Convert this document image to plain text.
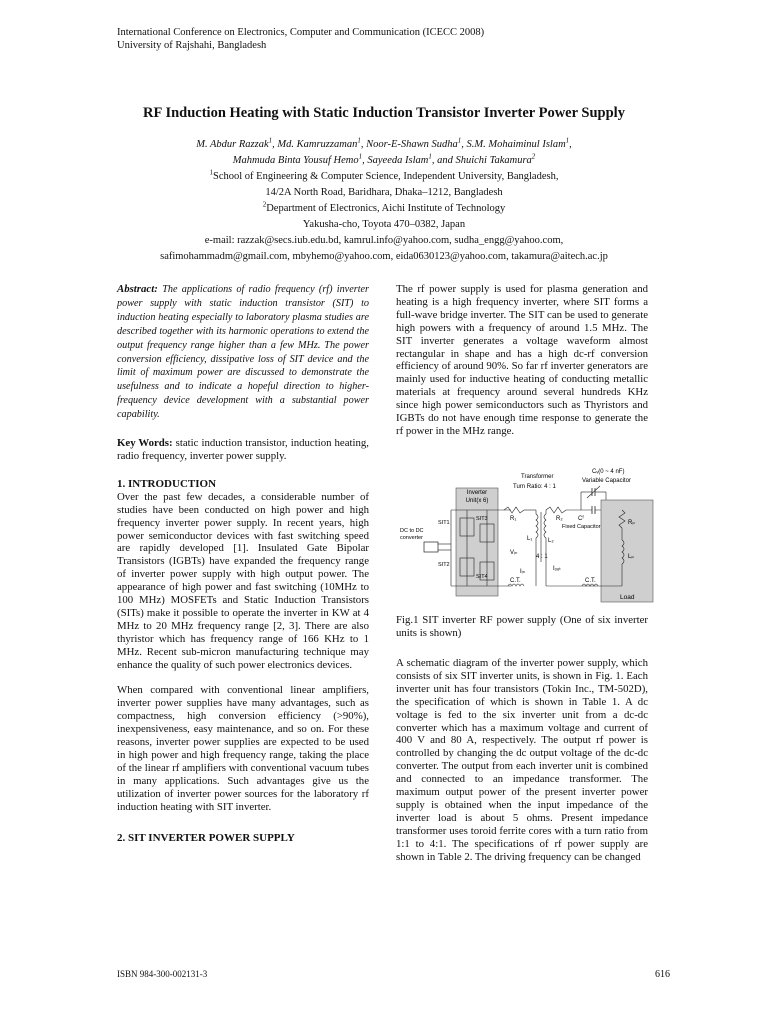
International Conference on Electronics, Computer and Communication (ICECC 2008)
University of Rajshahi, Bangladesh
RF Induction Heating with Static Induction Transistor Inverter Power Supply
M. Abdur Razzak$^1$, Md. Kamruzzaman$^1$, Noor-E-Shawn Sudha$^1$, S.M. Mohaiminul Islam$^1$,
Mahmuda Binta Yousuf Hemo$^1$, Sayeeda Islam$^1$, and Shuichi Takamura$^2$
$^1$School of Engineering & Computer Science, Independent University, Bangladesh,
14/2A North Road, Baridhara, Dhaka–1212, Bangladesh
$^2$Department of Electronics, Aichi Institute of Technology
Yakusha-cho, Toyota 470–0382, Japan
e-mail: razzak@secs.iub.edu.bd, kamrul.info@yahoo.com, sudha_engg@yahoo.com,
safimohammadm@gmail.com, mbyhemo@yahoo.com, eida0630123@yahoo.com, takamura@aitech.ac.jp
Abstract: The applications of radio frequency (rf) inverter power supply with static induction transistor (SIT) to induction heating especially to laboratory plasma studies are described together with its harmonic operations to extend the output frequency range higher than a few MHz. The power conversion efficiency, dissipative loss of SIT device and the limit of maximum power are discussed to demonstrate the usefulness and to indicate a hopeful direction to higher-frequency device development with a substantial power capability.
Key Words: static induction transistor, induction heating, radio frequency, inverter power supply.
1. INTRODUCTION
Over the past few decades, a considerable number of studies have been conducted on high power and high frequency inverter power supply. In recent years, high power semiconductor devices with fast switching speed are rapidly developed [1]. Insulated Gate Bipolar Transistors (IGBTs) have expanded the frequency range of inverter power supply with high output power. The appearance of high power and fast switching (10MHz to 100 MHz) MOSFETs and Static Induction Transistors (SITs) make it possible to operate the inverter in KW at 4 MHz to 20 MHz frequency range [2, 3]. There are also thyristor which has frequency range of 166 KHz to 1 MHz. Recent sub-micron manufacturing technique may enhance the quality of such power electronics devices.
When compared with conventional linear amplifiers, inverter power supplies have many advantages, such as compactness, high conversion efficiency (>90%), inexpensiveness, easy maintenance, and so on. For these reasons, inverter power supplies are expected to be used in high power and high frequency range, taking the place of the linear rf amplifiers with conventional vacuum tubes in many applications. Such advantages give us the utilization of inverter power sources for the laboratory rf induction heating with SIT inverter.
2. SIT INVERTER POWER SUPPLY
The rf power supply is used for plasma generation and heating is a high frequency inverter, where SIT forms a full-wave bridge inverter. The SIT can be used to generate high powers with a frequency of around 1.5 MHz. The SIT inverter generates a voltage waveform almost rectangular in shape and has a high dc-rf conversion efficiency of around 90%. So far rf inverter generators are mainly used for inductive heating of conducting metallic materials at frequency around several hundreds KHz since high power semiconductors such as Thyristors and IGBTs do not have enough time response to generate the rf power in the MHz range.
Inverter
Unit(x 6)
DC to DC
converter
SIT1
SIT2
SIT3
SIT4
Transformer
Turn Ratio: 4 : 1
Cᵥ(0 ~ 4 nF)
Variable Capacitor
R₁
L₁	L₂
Vᵢₙ
4 : 1
Iᵢₙ	Iₒᵤₜ
R₂	Cᶠ
Fixed Capacitor
Rₚ
Lₚ
Load
C.T.	C.T.
Fig.1 SIT inverter RF power supply (One of six inverter units is shown)
A schematic diagram of the inverter power supply, which consists of six SIT inverter units, is shown in Fig. 1. Each inverter unit has four transistors (Tokin Inc., TM-502D), the specification of which is shown in Table 1. A dc voltage is fed to the six inverter unit from a dc-dc converter which has a maximum voltage and current of 400 V and 80 A, respectively. The output rf power is controlled by changing the dc output voltage of the dc-dc converter. The output from each inverter unit is combined and connected to an impedance transformer. The maximum output power of the present inverter power supply is obtained when the input impedance of the inverter load is about 5 ohms. Present impedance transformer uses toroid ferrite cores with a turn ratio from 1:1 to 4:1. The specifications of rf power supply are shown in Table 2. The driving frequency can be changed
ISBN 984-300-002131-3	616
